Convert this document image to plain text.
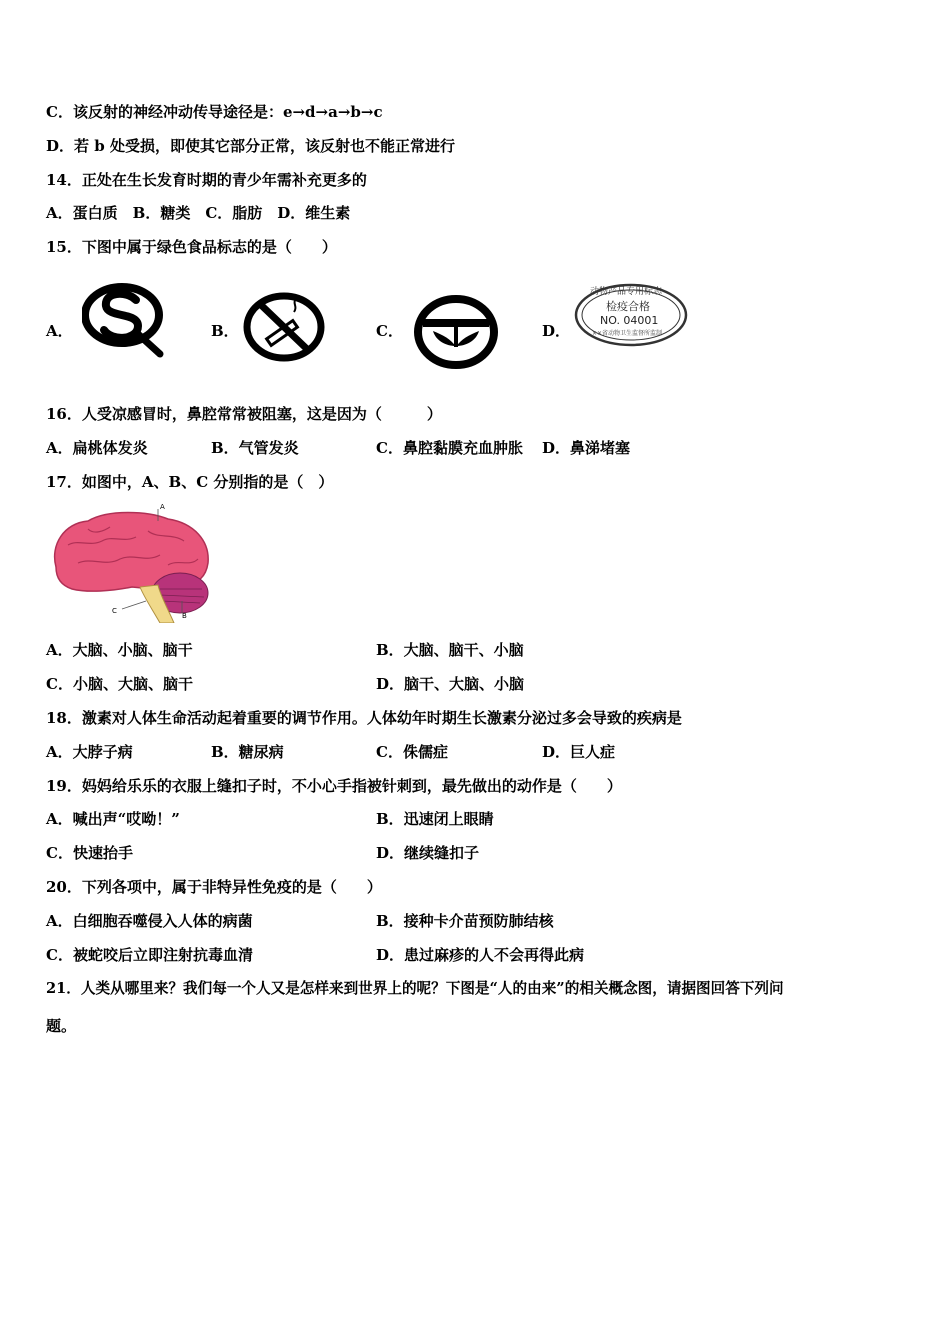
C．该反射的神经冲动传导途径是：e→d→a→b→c
D．若 b 处受损，即使其它部分正常，该反射也不能正常进行
14．正处在生长发育时期的青少年需补充更多的
A．蛋白质　B．糖类　C．脂肪　D．维生素
15．下图中属于绿色食品标志的是（　　）
A．	B．	C．	D．
动物产品专用标志
检疫合格
NO. 04001
××省动物卫生监督所监制
16．人受凉感冒时，鼻腔常常被阻塞，这是因为（　　　）
A．扁桃体发炎	B．气管发炎	C．鼻腔黏膜充血肿胀 D．鼻涕堵塞
17．如图中，A、B、C 分别指的是（　）
A
B
C
A．大脑、小脑、脑干	B．大脑、脑干、小脑
C．小脑、大脑、脑干	D．脑干、大脑、小脑
18．激素对人体生命活动起着重要的调节作用。人体幼年时期生长激素分泌过多会导致的疾病是
A．大脖子病	B．糖尿病	C．侏儒症	D．巨人症
19．妈妈给乐乐的衣服上缝扣子时，不小心手指被针刺到，最先做出的动作是（　　）
A．喊出声“哎呦！”	B．迅速闭上眼睛
C．快速抬手	D．继续缝扣子
20．下列各项中，属于非特异性免疫的是（　　）
A．白细胞吞噬侵入人体的病菌	B．接种卡介苗预防肺结核
C．被蛇咬后立即注射抗毒血清	D．患过麻疹的人不会再得此病
21．人类从哪里来？我们每一个人又是怎样来到世界上的呢？下图是“人的由来”的相关概念图，请据图回答下列问
题。
